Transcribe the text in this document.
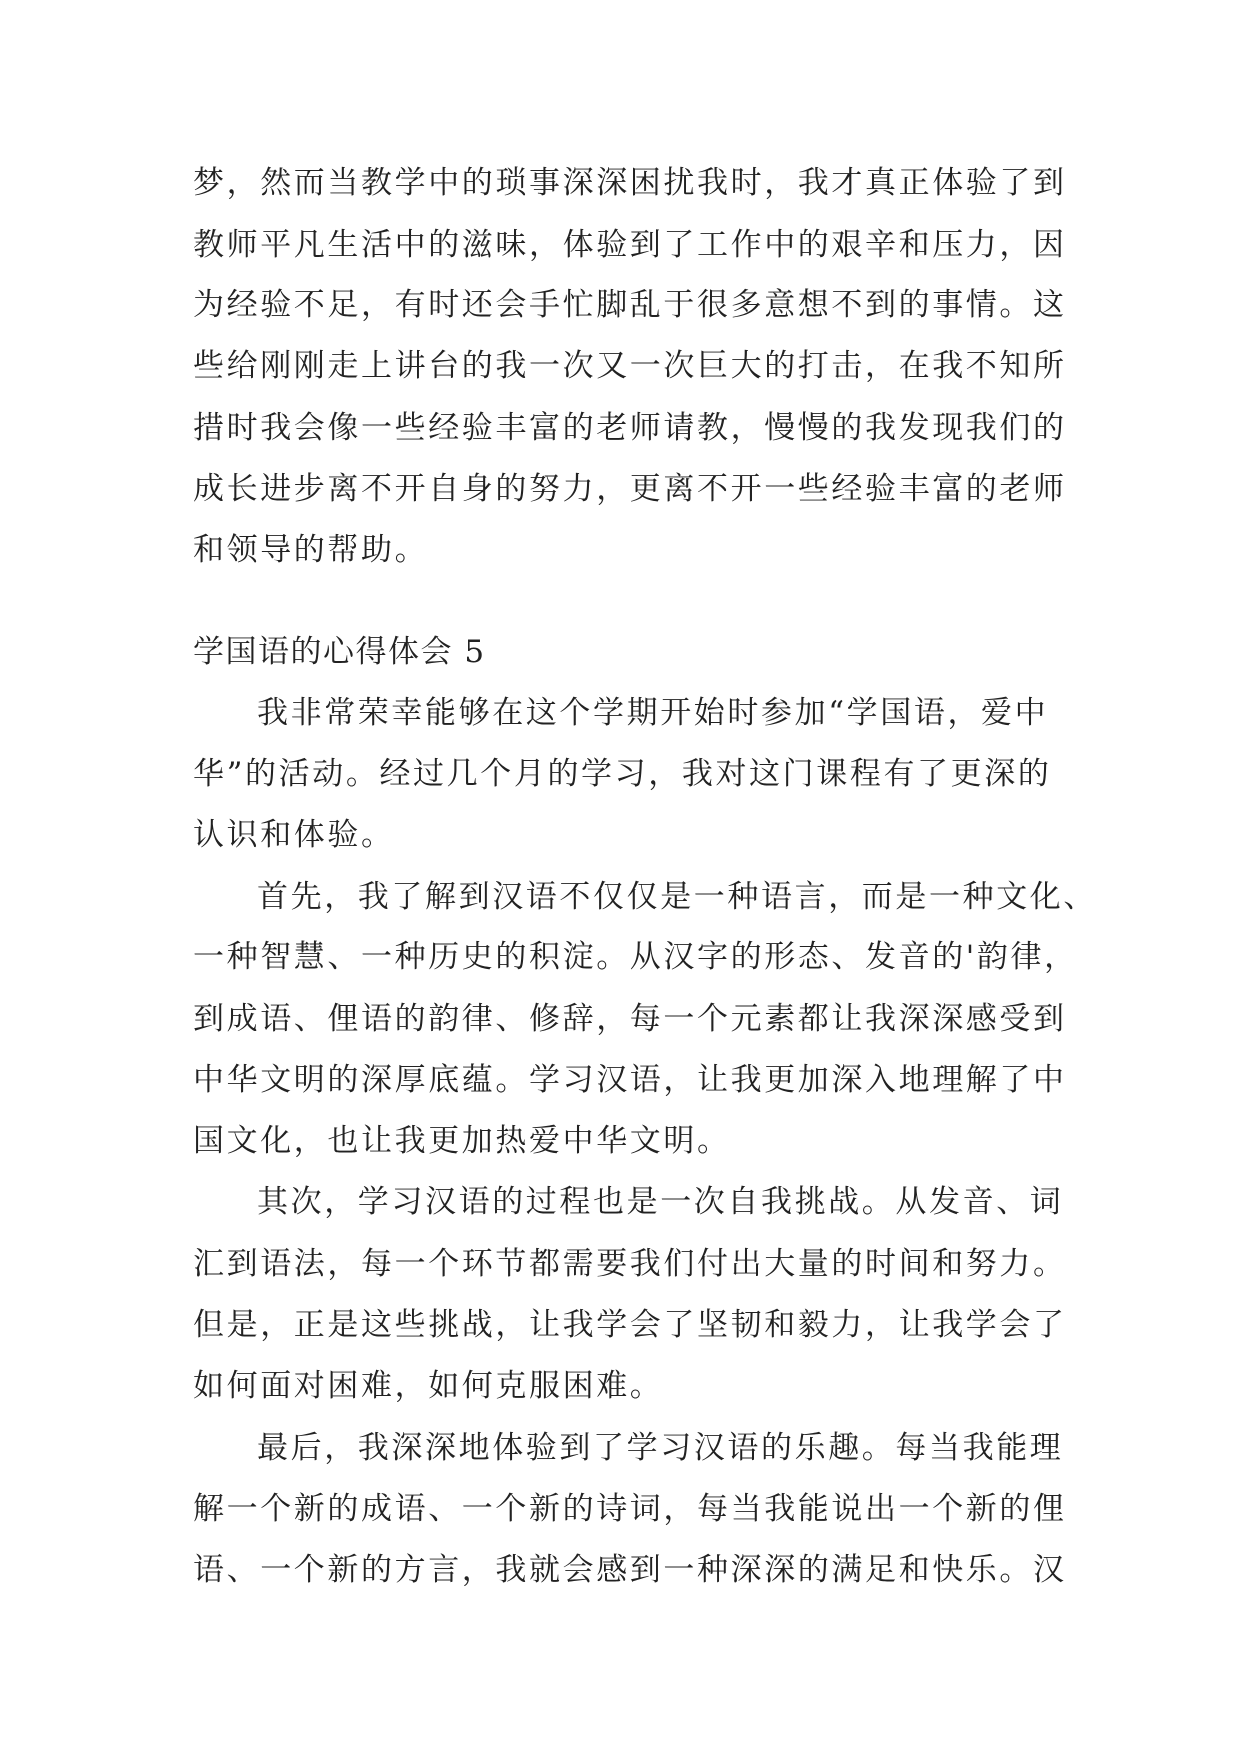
梦，然而当教学中的琐事深深困扰我时，我才真正体验了到
教师平凡生活中的滋味，体验到了工作中的艰辛和压力，因
为经验不足，有时还会手忙脚乱于很多意想不到的事情。这
些给刚刚走上讲台的我一次又一次巨大的打击，在我不知所
措时我会像一些经验丰富的老师请教，慢慢的我发现我们的
成长进步离不开自身的努力，更离不开一些经验丰富的老师
和领导的帮助。
学国语的心得体会 5
我非常荣幸能够在这个学期开始时参加“学国语，爱中
华”的活动。经过几个月的学习，我对这门课程有了更深的
认识和体验。
首先，我了解到汉语不仅仅是一种语言，而是一种文化、
一种智慧、一种历史的积淀。从汉字的形态、发音的'韵律，
到成语、俚语的韵律、修辞，每一个元素都让我深深感受到
中华文明的深厚底蕴。学习汉语，让我更加深入地理解了中
国文化，也让我更加热爱中华文明。
其次，学习汉语的过程也是一次自我挑战。从发音、词
汇到语法，每一个环节都需要我们付出大量的时间和努力。
但是，正是这些挑战，让我学会了坚韧和毅力，让我学会了
如何面对困难，如何克服困难。
最后，我深深地体验到了学习汉语的乐趣。每当我能理
解一个新的成语、一个新的诗词，每当我能说出一个新的俚
语、一个新的方言，我就会感到一种深深的满足和快乐。汉
